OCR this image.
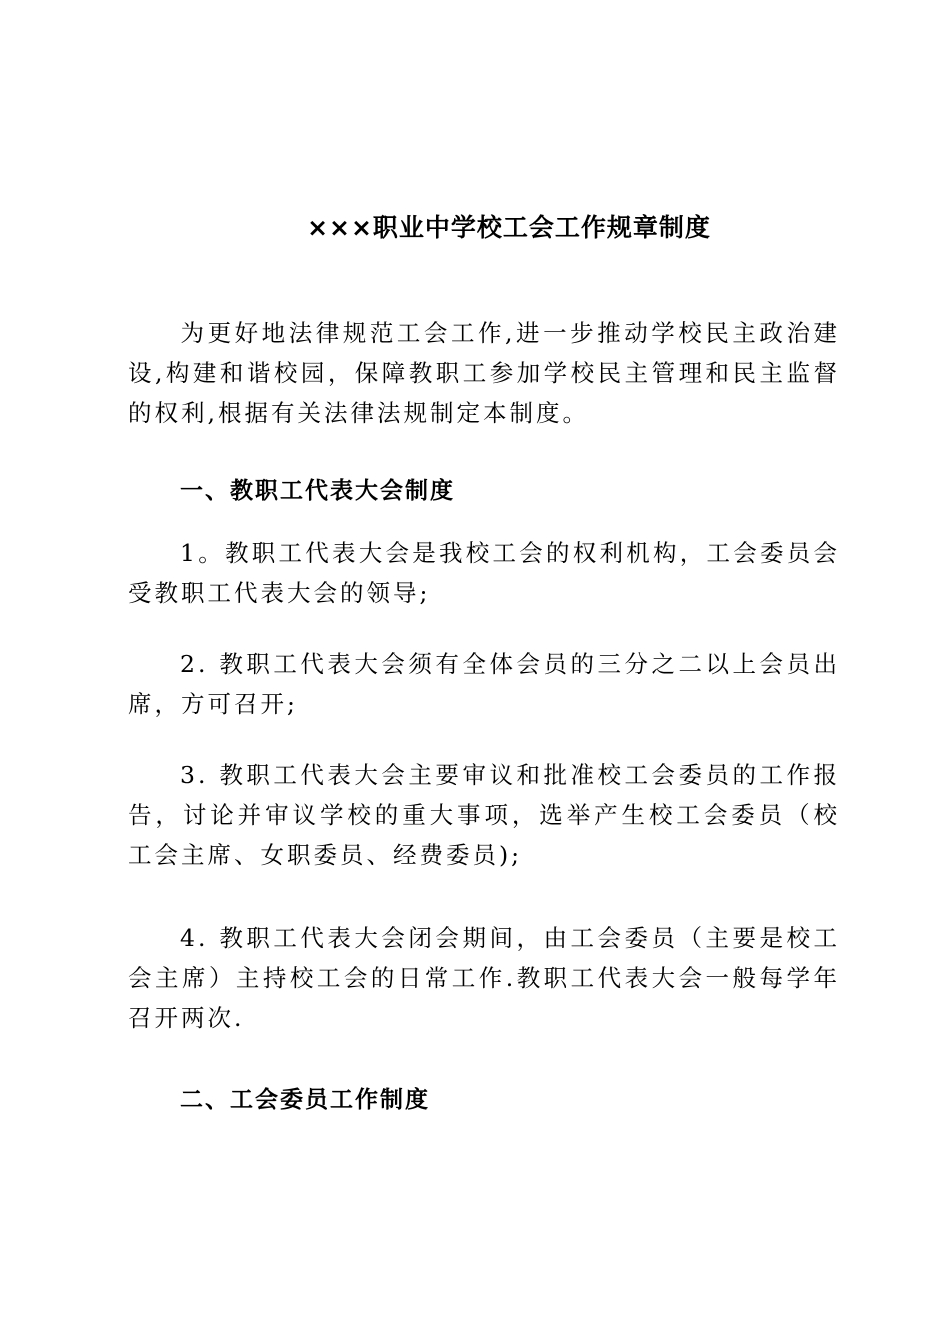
×××职业中学校工会工作规章制度

为更好地法律规范工会工作,进一步推动学校民主政治建设,构建和谐校园，保障教职工参加学校民主管理和民主监督的权利,根据有关法律法规制定本制度。

一、教职工代表大会制度

1。教职工代表大会是我校工会的权利机构，工会委员会受教职工代表大会的领导;

2. 教职工代表大会须有全体会员的三分之二以上会员出席，方可召开;

3. 教职工代表大会主要审议和批准校工会委员的工作报告，讨论并审议学校的重大事项，选举产生校工会委员（校工会主席、女职委员、经费委员);

4. 教职工代表大会闭会期间，由工会委员（主要是校工会主席）主持校工会的日常工作.教职工代表大会一般每学年召开两次.

二、工会委员工作制度
